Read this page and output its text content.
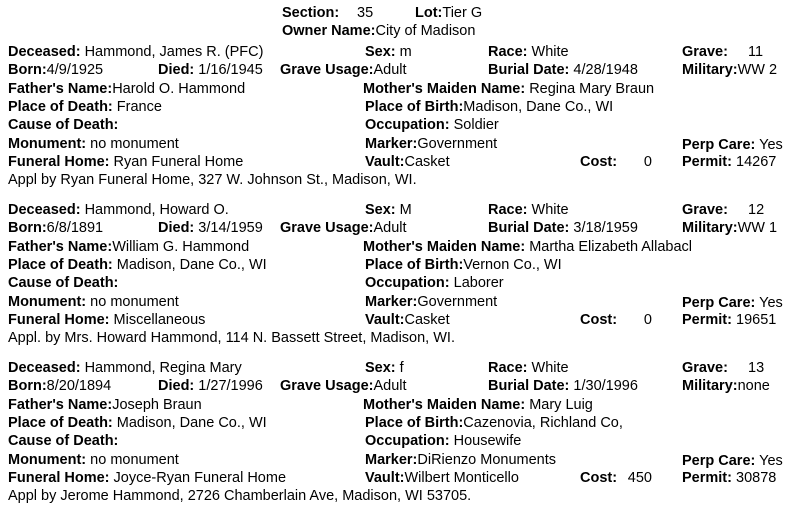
Section: 35	Lot:Tier G
Owner Name:City of Madison
Deceased: Hammond, James R. (PFC)	Sex: m	Race: White	Grave: 11
Born:4/9/1925	Died: 1/16/1945 Grave Usage:Adult	Burial Date: 4/28/1948	Military:WW 2
Father's Name:Harold O. Hammond	Mother's Maiden Name: Regina Mary Braun
Place of Death: France	Place of Birth:Madison, Dane Co., WI
Cause of Death:	Occupation: Soldier
Monument: no monument	Marker:Government	Perp Care: Yes
Funeral Home: Ryan Funeral Home	Vault:Casket	Cost:	0 Permit: 14267
Appl by Ryan Funeral Home, 327 W. Johnson St., Madison, WI.
Deceased: Hammond, Howard O.	Sex: M	Race: White	Grave: 12
Born:6/8/1891	Died: 3/14/1959 Grave Usage:Adult	Burial Date: 3/18/1959	Military:WW 1
Father's Name:William G. Hammond	Mother's Maiden Name: Martha Elizabeth Allabacl
Place of Death: Madison, Dane Co., WI	Place of Birth:Vernon Co., WI
Cause of Death:	Occupation: Laborer
Monument: no monument	Marker:Government	Perp Care: Yes
Funeral Home: Miscellaneous	Vault:Casket	Cost:	0 Permit: 19651
Appl. by Mrs. Howard Hammond, 114 N. Bassett Street, Madison, WI.
Deceased: Hammond, Regina Mary	Sex: f	Race: White	Grave: 13
Born:8/20/1894	Died: 1/27/1996 Grave Usage:Adult	Burial Date: 1/30/1996	Military:none
Father's Name:Joseph Braun	Mother's Maiden Name: Mary Luig
Place of Death: Madison, Dane Co., WI	Place of Birth:Cazenovia, Richland Co,
Cause of Death:	Occupation: Housewife
Monument: no monument	Marker:DiRienzo Monuments	Perp Care: Yes
Funeral Home: Joyce-Ryan Funeral Home	Vault:Wilbert Monticello	Cost: 450 Permit: 30878
Appl by Jerome Hammond, 2726 Chamberlain Ave, Madison, WI 53705.
